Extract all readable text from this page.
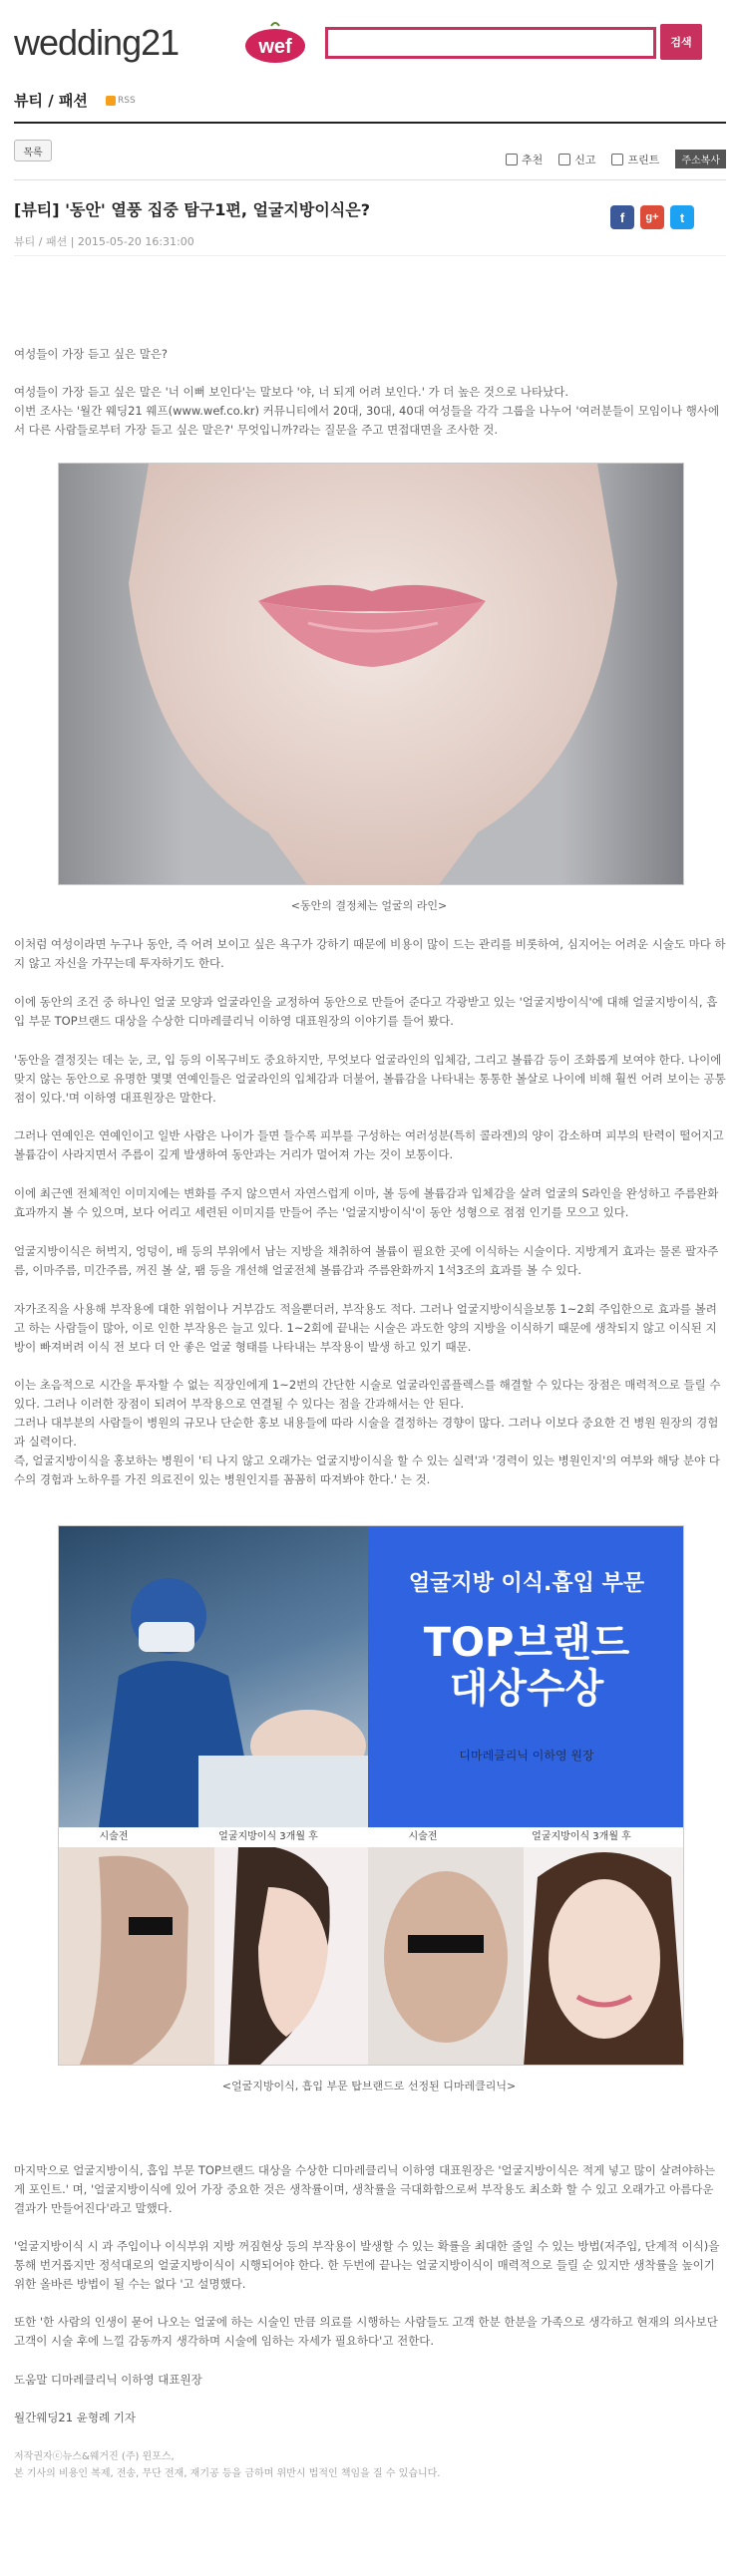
wedding21	wef	검색
뷰티 / 패션	RSS
목록
추천	신고	프린트	주소복사
[뷰티] '동안' 열풍 집중 탐구1편, 얼굴지방이식은?	f	g+	t
뷰티 / 패션 | 2015-05-20 16:31:00
여성들이 가장 듣고 싶은 말은?
여성들이 가장 듣고 싶은 말은 '너 이뻐 보인다'는 말보다 '야, 너 되게 어려 보인다.' 가 더 높은 것으로 나타났다.
이번 조사는 '월간 웨딩21 웨프(www.wef.co.kr) 커뮤니티에서 20대, 30대, 40대 여성들을 각각 그룹을 나누어 '여러분들이 모임이나 행사에서 다른 사람들로부터 가장 듣고 싶은 말은?' 무엇입니까?라는 질문을 주고 면접대면을 조사한 것.
<동안의 결정체는 얼굴의 라인>
이처럼 여성이라면 누구나 동안, 즉 어려 보이고 싶은 욕구가 강하기 때문에 비용이 많이 드는 관리를 비롯하여, 심지어는 어려운 시술도 마다 하지 않고 자신을 가꾸는데 투자하기도 한다.
이에 동안의 조건 중 하나인 얼굴 모양과 얼굴라인을 교정하여 동안으로 만들어 준다고 각광받고 있는 '얼굴지방이식'에 대해 얼굴지방이식, 흡입 부문 TOP브랜드 대상을 수상한 디마레클리닉 이하영 대표원장의 이야기를 들어 봤다.
'동안을 결정짓는 데는 눈, 코, 입 등의 이목구비도 중요하지만, 무엇보다 얼굴라인의 입체감, 그리고 볼륨감 등이 조화롭게 보여야 한다. 나이에 맞지 않는 동안으로 유명한 몇몇 연예인들은 얼굴라인의 입체감과 더불어, 볼륨감을 나타내는 통통한 볼살로 나이에 비해 훨씬 어려 보이는 공통점이 있다.'며 이하영 대표원장은 말한다.
그러나 연예인은 연예인이고 일반 사람은 나이가 들면 들수록 피부를 구성하는 여러성분(특히 콜라겐)의 양이 감소하며 피부의 탄력이 떨어지고 볼륨감이 사라지면서 주름이 깊게 발생하여 동안과는 거리가 멀어져 가는 것이 보통이다.
이에 최근엔 전체적인 이미지에는 변화를 주지 않으면서 자연스럽게 이마, 볼 등에 볼륨감과 입체감을 살려 얼굴의 S라인을 완성하고 주름완화 효과까지 볼 수 있으며, 보다 어리고 세련된 이미지를 만들어 주는 '얼굴지방이식'이 동안 성형으로 점점 인기를 모으고 있다.
얼굴지방이식은 허벅지, 엉덩이, 배 등의 부위에서 남는 지방을 채취하여 볼륨이 필요한 곳에 이식하는 시술이다. 지방계거 효과는 물론 팔자주름, 이마주름, 미간주름, 꺼진 볼 살, 팸 등을 개선해 얼굴전체 볼륨감과 주름완화까지 1석3조의 효과를 볼 수 있다.
자가조직을 사용해 부작용에 대한 위험이나 거부감도 적을뿐더러, 부작용도 적다. 그러나 얼굴지방이식을보통 1~2회 주입한으로 효과를 볼려고 하는 사람들이 많아, 이로 인한 부작용은 늘고 있다. 1~2회에 끝내는 시술은 과도한 양의 지방을 이식하기 때문에 생착되지 않고 이식된 지방이 빠져버려 이식 전 보다 더 안 좋은 얼굴 형태를 나타내는 부작용이 발생 하고 있기 때문.
이는 초음적으로 시간을 투자할 수 없는 직장인에게 1~2번의 간단한 시술로 얼굴라인콤플렉스를 해결할 수 있다는 장점은 매력적으로 들릴 수 있다. 그러나 이러한 장점이 되려어 부작용으로 연결될 수 있다는 점을 간과해서는 안 된다.
그러나 대부분의 사람들이 병원의 규모나 단순한 홍보 내용들에 따라 시술을 결정하는 경향이 많다. 그러나 이보다 중요한 건 병원 원장의 경험과 실력이다.
즉, 얼굴지방이식을 홍보하는 병원이 '티 나지 않고 오래가는 얼굴지방이식을 할 수 있는 실력'과 '경력이 있는 병원인지'의 여부와 해당 분야 다수의 경험과 노하우를 가진 의료진이 있는 병원인지를 꼼꼼히 따져봐야 한다.' 는 것.
얼굴지방 이식.흡입 부문
TOP브랜드
대상수상
디마레클리닉 이하영 원장
시술전	얼굴지방이식 3개월 후	시술전	얼굴지방이식 3개월 후
<얼굴지방이식, 흡입 부문 탑브랜드로 선정된 디마레클리닉>
마지막으로 얼굴지방이식, 흡입 부문 TOP브랜드 대상을 수상한 디마레클리닉 이하영 대표원장은 '얼굴지방이식은 적게 넣고 많이 살려야하는 게 포인트.' 며, '얼굴지방이식에 있어 가장 중요한 것은 생착률이며, 생착률을 극대화함으로써 부작용도 최소화 할 수 있고 오래가고 아름다운 결과가 만들어진다'라고 말했다.
'얼굴지방이식 시 과 주입이나 이식부위 지방 꺼짐현상 등의 부작용이 발생할 수 있는 확률을 최대한 줄일 수 있는 방법(저주입, 단계적 이식)을 통해 번거롭지만 정석대로의 얼굴지방이식이 시행되어야 한다. 한 두번에 끝나는 얼굴지방이식이 매력적으로 들릴 순 있지만 생착률을 높이기 위한 올바른 방법이 될 수는 없다 '고 설명했다.
또한 '한 사람의 인생이 묻어 나오는 얼굴에 하는 시술인 만큼 의료를 시행하는 사람들도 고객 한분 한분을 가족으로 생각하고 현재의 의사보단 고객이 시술 후에 느낄 감동까지 생각하며 시술에 임하는 자세가 필요하다'고 전한다.
도움말 디마레클리닉 이하영 대표원장
월간웨딩21 윤형례 기자
저작권자ⓒ뉴스&웨거진 (주) 윈포스,
본 기사의 비용인 복제, 전송, 무단 전재, 재기공 등을 금하며 위반시 법적인 책임을 질 수 있습니다.
